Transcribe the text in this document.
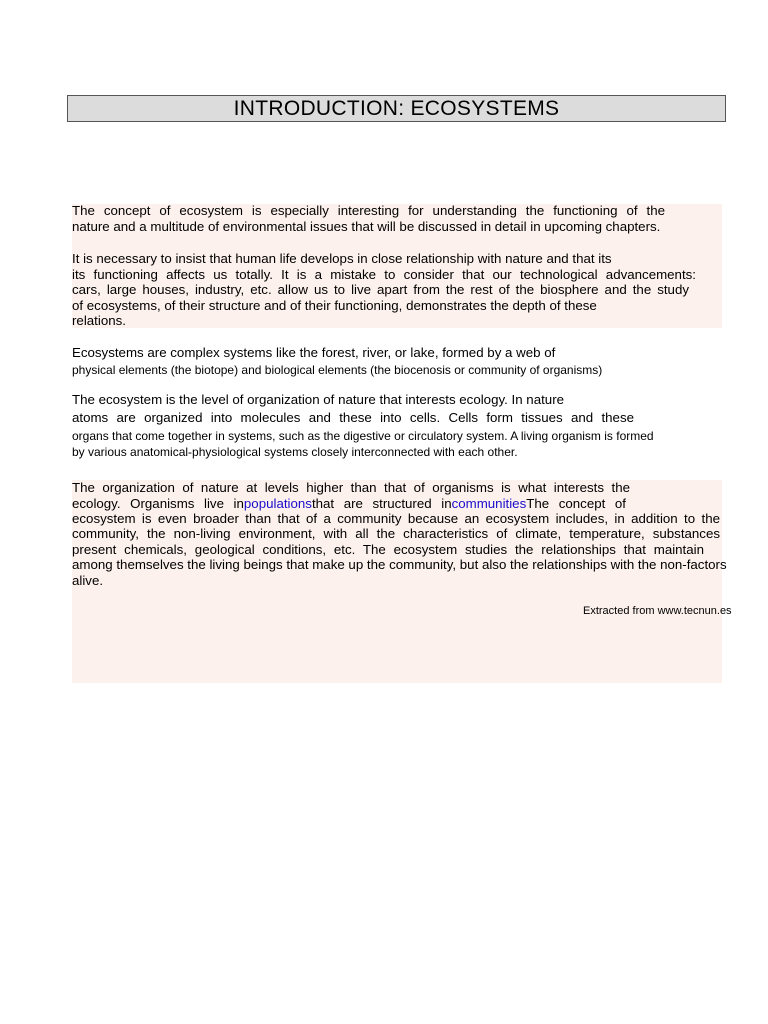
INTRODUCTION: ECOSYSTEMS
The concept of ecosystem is especially interesting for understanding the functioning of the
nature and a multitude of environmental issues that will be discussed in detail in upcoming chapters.
It is necessary to insist that human life develops in close relationship with nature and that its
its functioning affects us totally. It is a mistake to consider that our technological advancements:
cars, large houses, industry, etc. allow us to live apart from the rest of the biosphere and the study
of ecosystems, of their structure and of their functioning, demonstrates the depth of these
relations.
Ecosystems are complex systems like the forest, river, or lake, formed by a web of
physical elements (the biotope) and biological elements (the biocenosis or community of organisms)
The ecosystem is the level of organization of nature that interests ecology. In nature
atoms are organized into molecules and these into cells. Cells form tissues and these
organs that come together in systems, such as the digestive or circulatory system. A living organism is formed
by various anatomical-physiological systems closely interconnected with each other.
The organization of nature at levels higher than that of organisms is what interests the
ecology. Organisms live inpopulationsthat are structured incommunitiesThe concept of
ecosystem is even broader than that of a community because an ecosystem includes, in addition to the
community, the non-living environment, with all the characteristics of climate, temperature, substances
present chemicals, geological conditions, etc. The ecosystem studies the relationships that maintain
among themselves the living beings that make up the community, but also the relationships with the non-factors
alive.
Extracted from www.tecnun.es
